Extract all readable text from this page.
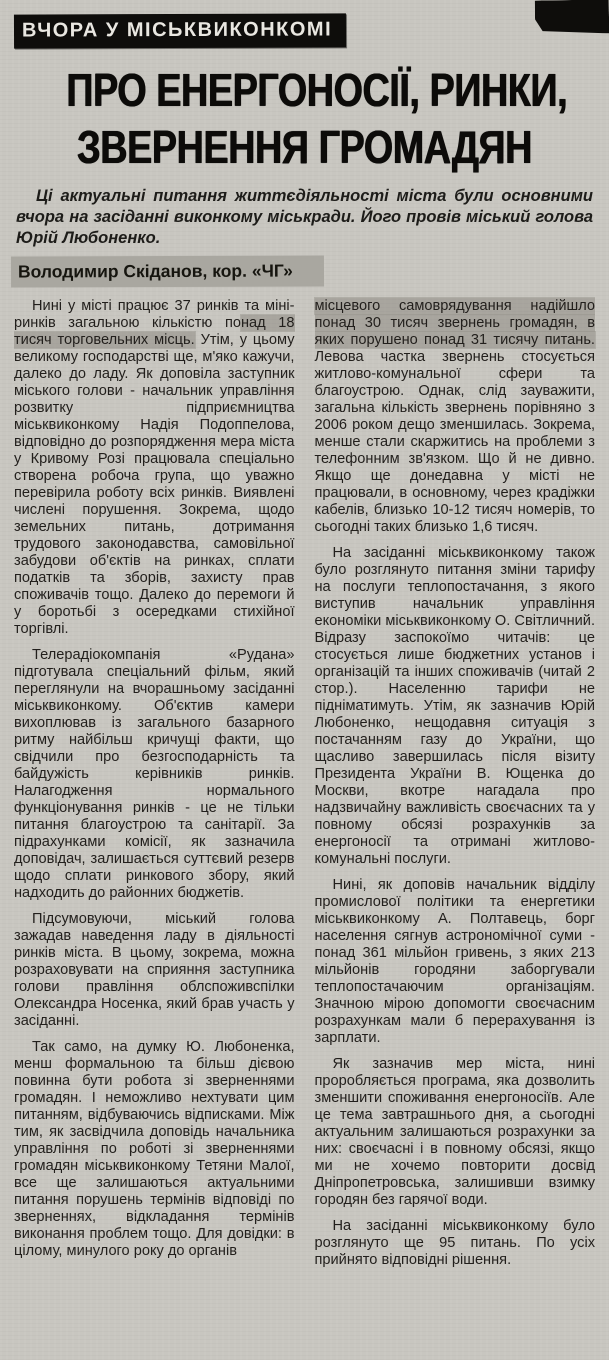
ВЧОРА У МІСЬКВИКОНКОМІ
ПРО ЕНЕРГОНОСІЇ, РИНКИ,
ЗВЕРНЕННЯ ГРОМАДЯН

Ці актуальні питання життєдіяльності міста були основними вчора на засіданні виконкому міськради. Його провів міський голова Юрій Любоненко.

Володимир Скіданов, кор. «ЧГ»

Нині у місті працює 37 ринків та міні-ринків загальною кількістю понад 18 тисяч торговельних місць. Утім, у цьому великому господарстві ще, м'яко кажучи, далеко до ладу. Як доповіла заступник міського голови - начальник управління розвитку підприємництва міськвиконкому Надія Подоппелова, відповідно до розпорядження мера міста у Кривому Розі працювала спеціально створена робоча група, що уважно перевірила роботу всіх ринків. Виявлені числені порушення. Зокрема, щодо земельних питань, дотримання трудового законодавства, самовільної забудови об'єктів на ринках, сплати податків та зборів, захисту прав споживачів тощо. Далеко до перемоги й у боротьбі з осередками стихійної торгівлі.

Телерадіокомпанія «Рудана» підготувала спеціальний фільм, який переглянули на вчорашньому засіданні міськвиконкому. Об'єктив камери вихоплював із загального базарного ритму найбільш кричущі факти, що свідчили про безгосподарність та байдужість керівників ринків. Налагодження нормального функціонування ринків - це не тільки питання благоустрою та санітарії. За підрахунками комісії, як зазначила доповідач, залишається суттєвий резерв щодо сплати ринкового збору, який надходить до районних бюджетів.

Підсумовуючи, міський голова зажадав наведення ладу в діяльності ринків міста. В цьому, зокрема, можна розраховувати на сприяння заступника голови правління облспоживспілки Олександра Носенка, який брав участь у засіданні.

Так само, на думку Ю. Любоненка, менш формальною та більш дієвою повинна бути робота зі зверненнями громадян. І неможливо нехтувати цим питанням, відбуваючись відписками. Між тим, як засвідчила доповідь начальника управління по роботі зі зверненнями громадян міськвиконкому Тетяни Малої, все ще залишаються актуальними питання порушень термінів відповіді по зверненнях, відкладання термінів виконання проблем тощо. Для довідки: в цілому, минулого року до органів

місцевого самоврядування надійшло понад 30 тисяч звернень громадян, в яких порушено понад 31 тисячу питань. Левова частка звернень стосується житлово-комунальної сфери та благоустрою. Однак, слід зауважити, загальна кількість звернень порівняно з 2006 роком дещо зменшилась. Зокрема, менше стали скаржитись на проблеми з телефонним зв'язком. Що й не дивно. Якщо ще донедавна у місті не працювали, в основному, через крадіжки кабелів, близько 10-12 тисяч номерів, то сьогодні таких близько 1,6 тисяч.

На засіданні міськвиконкому також було розглянуто питання зміни тарифу на послуги теплопостачання, з якого виступив начальник управління економіки міськвиконкому О. Світличний. Відразу заспокоїмо читачів: це стосується лише бюджетних установ і організацій та інших споживачів (читай 2 стор.). Населенню тарифи не підніматимуть. Утім, як зазначив Юрій Любоненко, нещодавня ситуація з постачанням газу до України, що щасливо завершилась після візиту Президента України В. Ющенка до Москви, вкотре нагадала про надзвичайну важливість своєчасних та у повному обсязі розрахунків за енергоносії та отримані житлово-комунальні послуги.

Нині, як доповів начальник відділу промислової політики та енергетики міськвиконкому А. Полтавець, борг населення сягнув астрономічної суми - понад 361 мільйон гривень, з яких 213 мільйонів городяни заборгували теплопостачаючим організаціям. Значною мірою допомогти своєчасним розрахункам мали б перерахування із зарплати.

Як зазначив мер міста, нині проробляється програма, яка дозволить зменшити споживання енергоносіїв. Але це тема завтрашнього дня, а сьогодні актуальним залишаються розрахунки за них: своєчасні і в повному обсязі, якщо ми не хочемо повторити досвід Дніпропетровська, залишивши взимку городян без гарячої води.

На засіданні міськвиконкому було розглянуто ще 95 питань. По усіх прийнято відповідні рішення.
